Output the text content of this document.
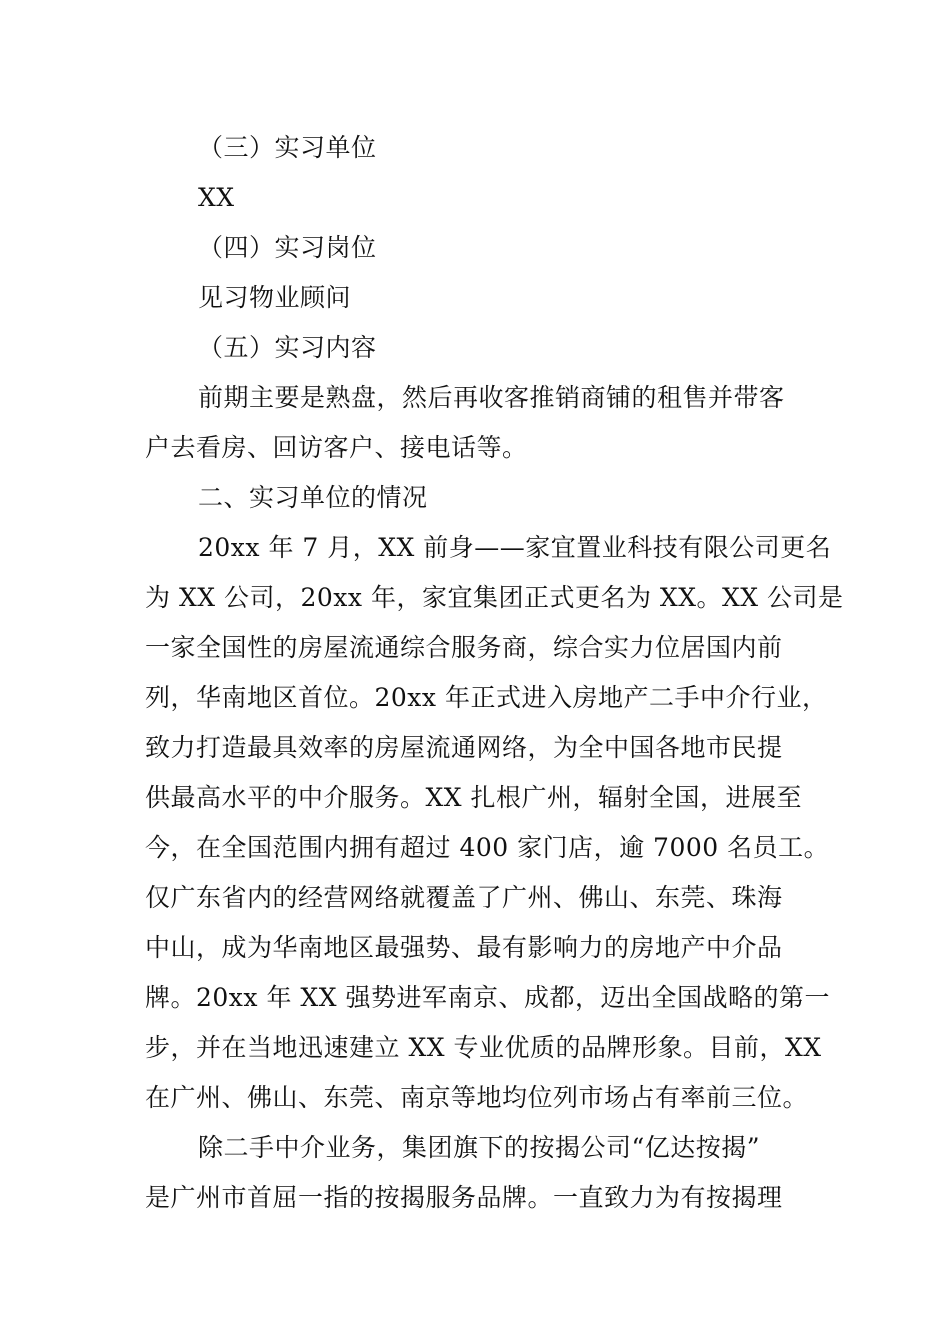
（三）实习单位
XX
（四）实习岗位
见习物业顾问
（五）实习内容
前期主要是熟盘，然后再收客推销商铺的租售并带客
户去看房、回访客户、接电话等。
二、实习单位的情况
20xx 年 7 月，XX 前身——家宜置业科技有限公司更名
为 XX 公司，20xx 年，家宜集团正式更名为 XX。XX 公司是
一家全国性的房屋流通综合服务商，综合实力位居国内前
列，华南地区首位。20xx 年正式进入房地产二手中介行业，
致力打造最具效率的房屋流通网络，为全中国各地市民提
供最高水平的中介服务。XX 扎根广州，辐射全国，进展至
今，在全国范围内拥有超过 400 家门店，逾 7000 名员工。
仅广东省内的经营网络就覆盖了广州、佛山、东莞、珠海
中山，成为华南地区最强势、最有影响力的房地产中介品
牌。20xx 年 XX 强势进军南京、成都，迈出全国战略的第一
步，并在当地迅速建立 XX 专业优质的品牌形象。目前，XX
在广州、佛山、东莞、南京等地均位列市场占有率前三位。
除二手中介业务，集团旗下的按揭公司“亿达按揭”
是广州市首屈一指的按揭服务品牌。一直致力为有按揭理
